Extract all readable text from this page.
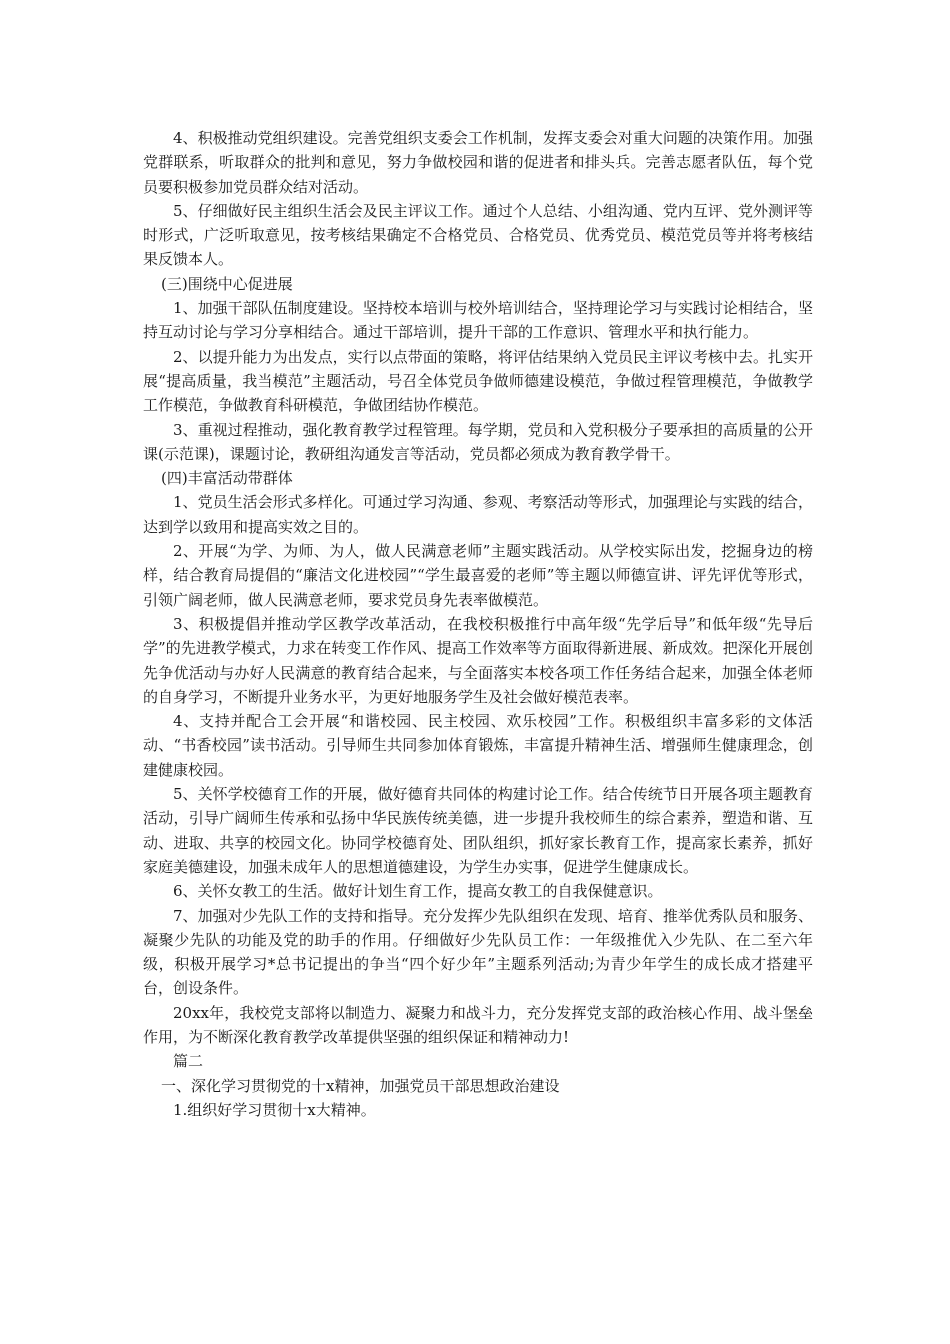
4、积极推动党组织建设。完善党组织支委会工作机制，发挥支委会对重大问题的决策作用。加强党群联系，听取群众的批判和意见，努力争做校园和谐的促进者和排头兵。完善志愿者队伍，每个党员要积极参加党员群众结对活动。

5、仔细做好民主组织生活会及民主评议工作。通过个人总结、小组沟通、党内互评、党外测评等时形式，广泛听取意见，按考核结果确定不合格党员、合格党员、优秀党员、模范党员等并将考核结果反馈本人。

(三)围绕中心促进展

1、加强干部队伍制度建设。坚持校本培训与校外培训结合，坚持理论学习与实践讨论相结合，坚持互动讨论与学习分享相结合。通过干部培训，提升干部的工作意识、管理水平和执行能力。

2、以提升能力为出发点，实行以点带面的策略，将评估结果纳入党员民主评议考核中去。扎实开展“提高质量，我当模范”主题活动，号召全体党员争做师德建设模范，争做过程管理模范，争做教学工作模范，争做教育科研模范，争做团结协作模范。

3、重视过程推动，强化教育教学过程管理。每学期，党员和入党积极分子要承担的高质量的公开课(示范课)，课题讨论，教研组沟通发言等活动，党员都必须成为教育教学骨干。

(四)丰富活动带群体

1、党员生活会形式多样化。可通过学习沟通、参观、考察活动等形式，加强理论与实践的结合，达到学以致用和提高实效之目的。

2、开展“为学、为师、为人，做人民满意老师”主题实践活动。从学校实际出发，挖掘身边的榜样，结合教育局提倡的“廉洁文化进校园”“学生最喜爱的老师”等主题以师德宣讲、评先评优等形式，引领广阔老师，做人民满意老师，要求党员身先表率做模范。

3、积极提倡并推动学区教学改革活动，在我校积极推行中高年级“先学后导”和低年级“先导后学”的先进教学模式，力求在转变工作作风、提高工作效率等方面取得新进展、新成效。把深化开展创先争优活动与办好人民满意的教育结合起来，与全面落实本校各项工作任务结合起来，加强全体老师的自身学习，不断提升业务水平，为更好地服务学生及社会做好模范表率。

4、支持并配合工会开展“和谐校园、民主校园、欢乐校园”工作。积极组织丰富多彩的文体活动、“书香校园”读书活动。引导师生共同参加体育锻炼，丰富提升精神生活、增强师生健康理念，创建健康校园。

5、关怀学校德育工作的开展，做好德育共同体的构建讨论工作。结合传统节日开展各项主题教育活动，引导广阔师生传承和弘扬中华民族传统美德，进一步提升我校师生的综合素养，塑造和谐、互动、进取、共享的校园文化。协同学校德育处、团队组织，抓好家长教育工作，提高家长素养，抓好家庭美德建设，加强未成年人的思想道德建设，为学生办实事，促进学生健康成长。

6、关怀女教工的生活。做好计划生育工作，提高女教工的自我保健意识。

7、加强对少先队工作的支持和指导。充分发挥少先队组织在发现、培育、推举优秀队员和服务、凝聚少先队的功能及党的助手的作用。仔细做好少先队员工作：一年级推优入少先队、在二至六年级，积极开展学习*总书记提出的争当“四个好少年”主题系列活动;为青少年学生的成长成才搭建平台，创设条件。

20xx年，我校党支部将以制造力、凝聚力和战斗力，充分发挥党支部的政治核心作用、战斗堡垒作用，为不断深化教育教学改革提供坚强的组织保证和精神动力!

篇二

一、深化学习贯彻党的十x精神，加强党员干部思想政治建设

1.组织好学习贯彻十x大精神。
